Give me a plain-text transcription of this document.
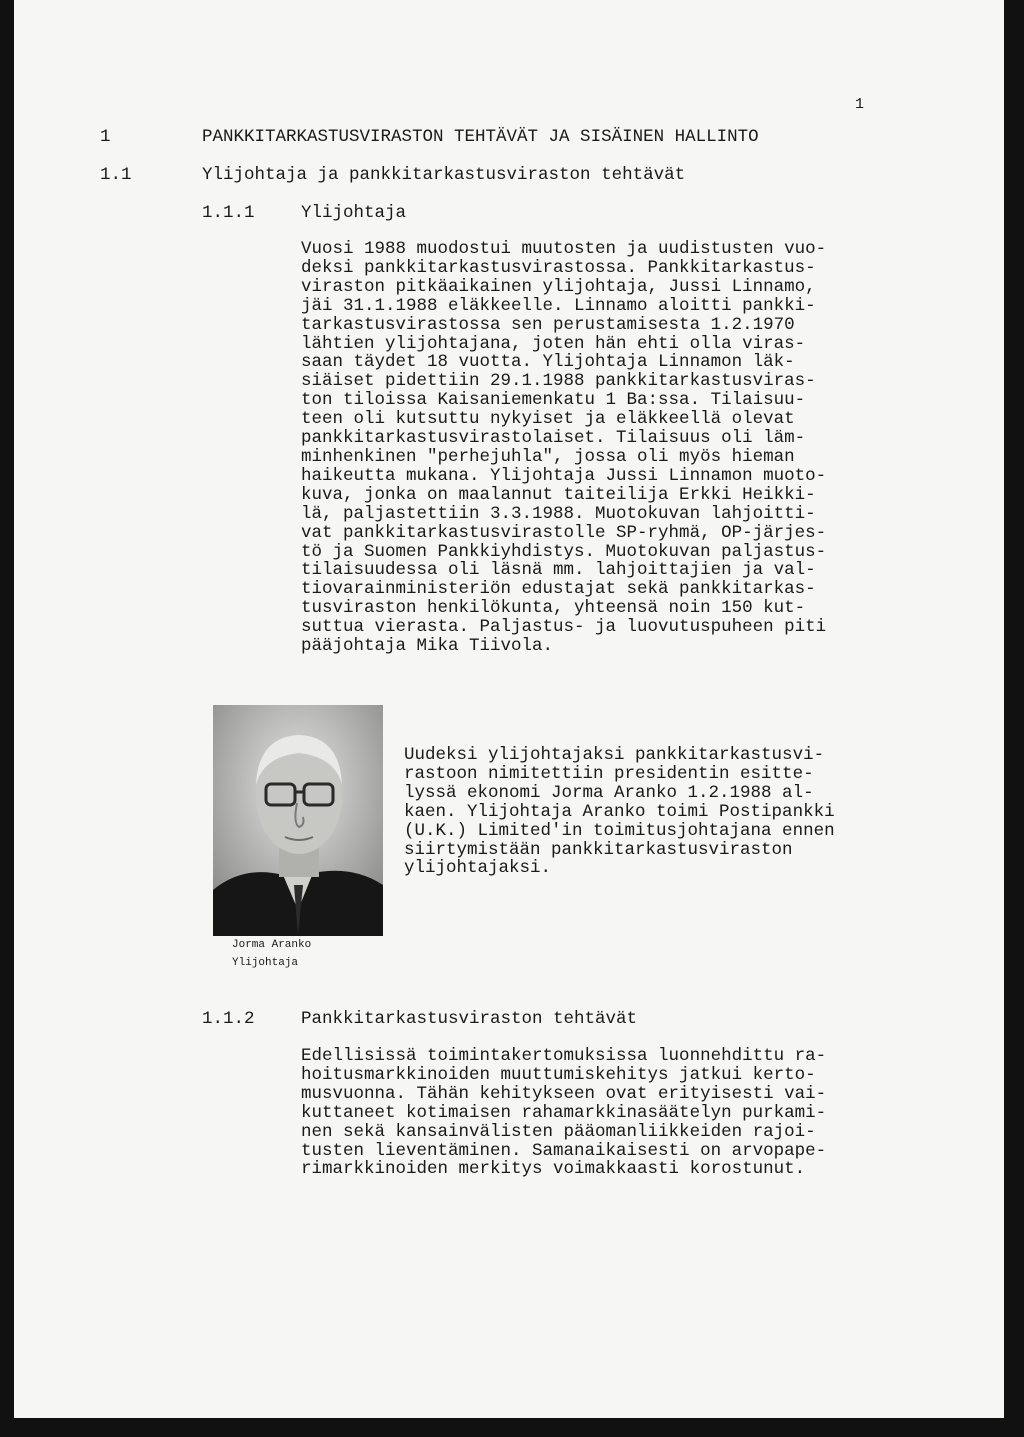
1
1	PANKKITARKASTUSVIRASTON TEHTÄVÄT JA SISÄINEN HALLINTO
1.1	Ylijohtaja ja pankkitarkastusviraston tehtävät
1.1.1	Ylijohtaja
Vuosi 1988 muodostui muutosten ja uudistusten vuo-
deksi pankkitarkastusvirastossa. Pankkitarkastus-
viraston pitkäaikainen ylijohtaja, Jussi Linnamo,
jäi 31.1.1988 eläkkeelle. Linnamo aloitti pankki-
tarkastusvirastossa sen perustamisesta 1.2.1970
lähtien ylijohtajana, joten hän ehti olla viras-
saan täydet 18 vuotta. Ylijohtaja Linnamon läk-
siäiset pidettiin 29.1.1988 pankkitarkastusviras-
ton tiloissa Kaisaniemenkatu 1 Ba:ssa. Tilaisuu-
teen oli kutsuttu nykyiset ja eläkkeellä olevat
pankkitarkastusvirastolaiset. Tilaisuus oli läm-
minhenkinen "perhejuhla", jossa oli myös hieman
haikeutta mukana. Ylijohtaja Jussi Linnamon muoto-
kuva, jonka on maalannut taiteilija Erkki Heikki-
lä, paljastettiin 3.3.1988. Muotokuvan lahjoitti-
vat pankkitarkastusvirastolle SP-ryhmä, OP-järjes-
tö ja Suomen Pankkiyhdistys. Muotokuvan paljastus-
tilaisuudessa oli läsnä mm. lahjoittajien ja val-
tiovarainministeriön edustajat sekä pankkitarkas-
tusviraston henkilökunta, yhteensä noin 150 kut-
suttua vierasta. Paljastus- ja luovutuspuheen piti
pääjohtaja Mika Tiivola.
Uudeksi ylijohtajaksi pankkitarkastusvi-
rastoon nimitettiin presidentin esitte-
lyssä ekonomi Jorma Aranko 1.2.1988 al-
kaen. Ylijohtaja Aranko toimi Postipankki
(U.K.) Limited'in toimitusjohtajana ennen
siirtymistään pankkitarkastusviraston
ylijohtajaksi.
Jorma Aranko
Ylijohtaja
1.1.2	Pankkitarkastusviraston tehtävät
Edellisissä toimintakertomuksissa luonnehdittu ra-
hoitusmarkkinoiden muuttumiskehitys jatkui kerto-
musvuonna. Tähän kehitykseen ovat erityisesti vai-
kuttaneet kotimaisen rahamarkkinasäätelyn purkami-
nen sekä kansainvälisten pääomanliikkeiden rajoi-
tusten lieventäminen. Samanaikaisesti on arvopape-
rimarkkinoiden merkitys voimakkaasti korostunut.
